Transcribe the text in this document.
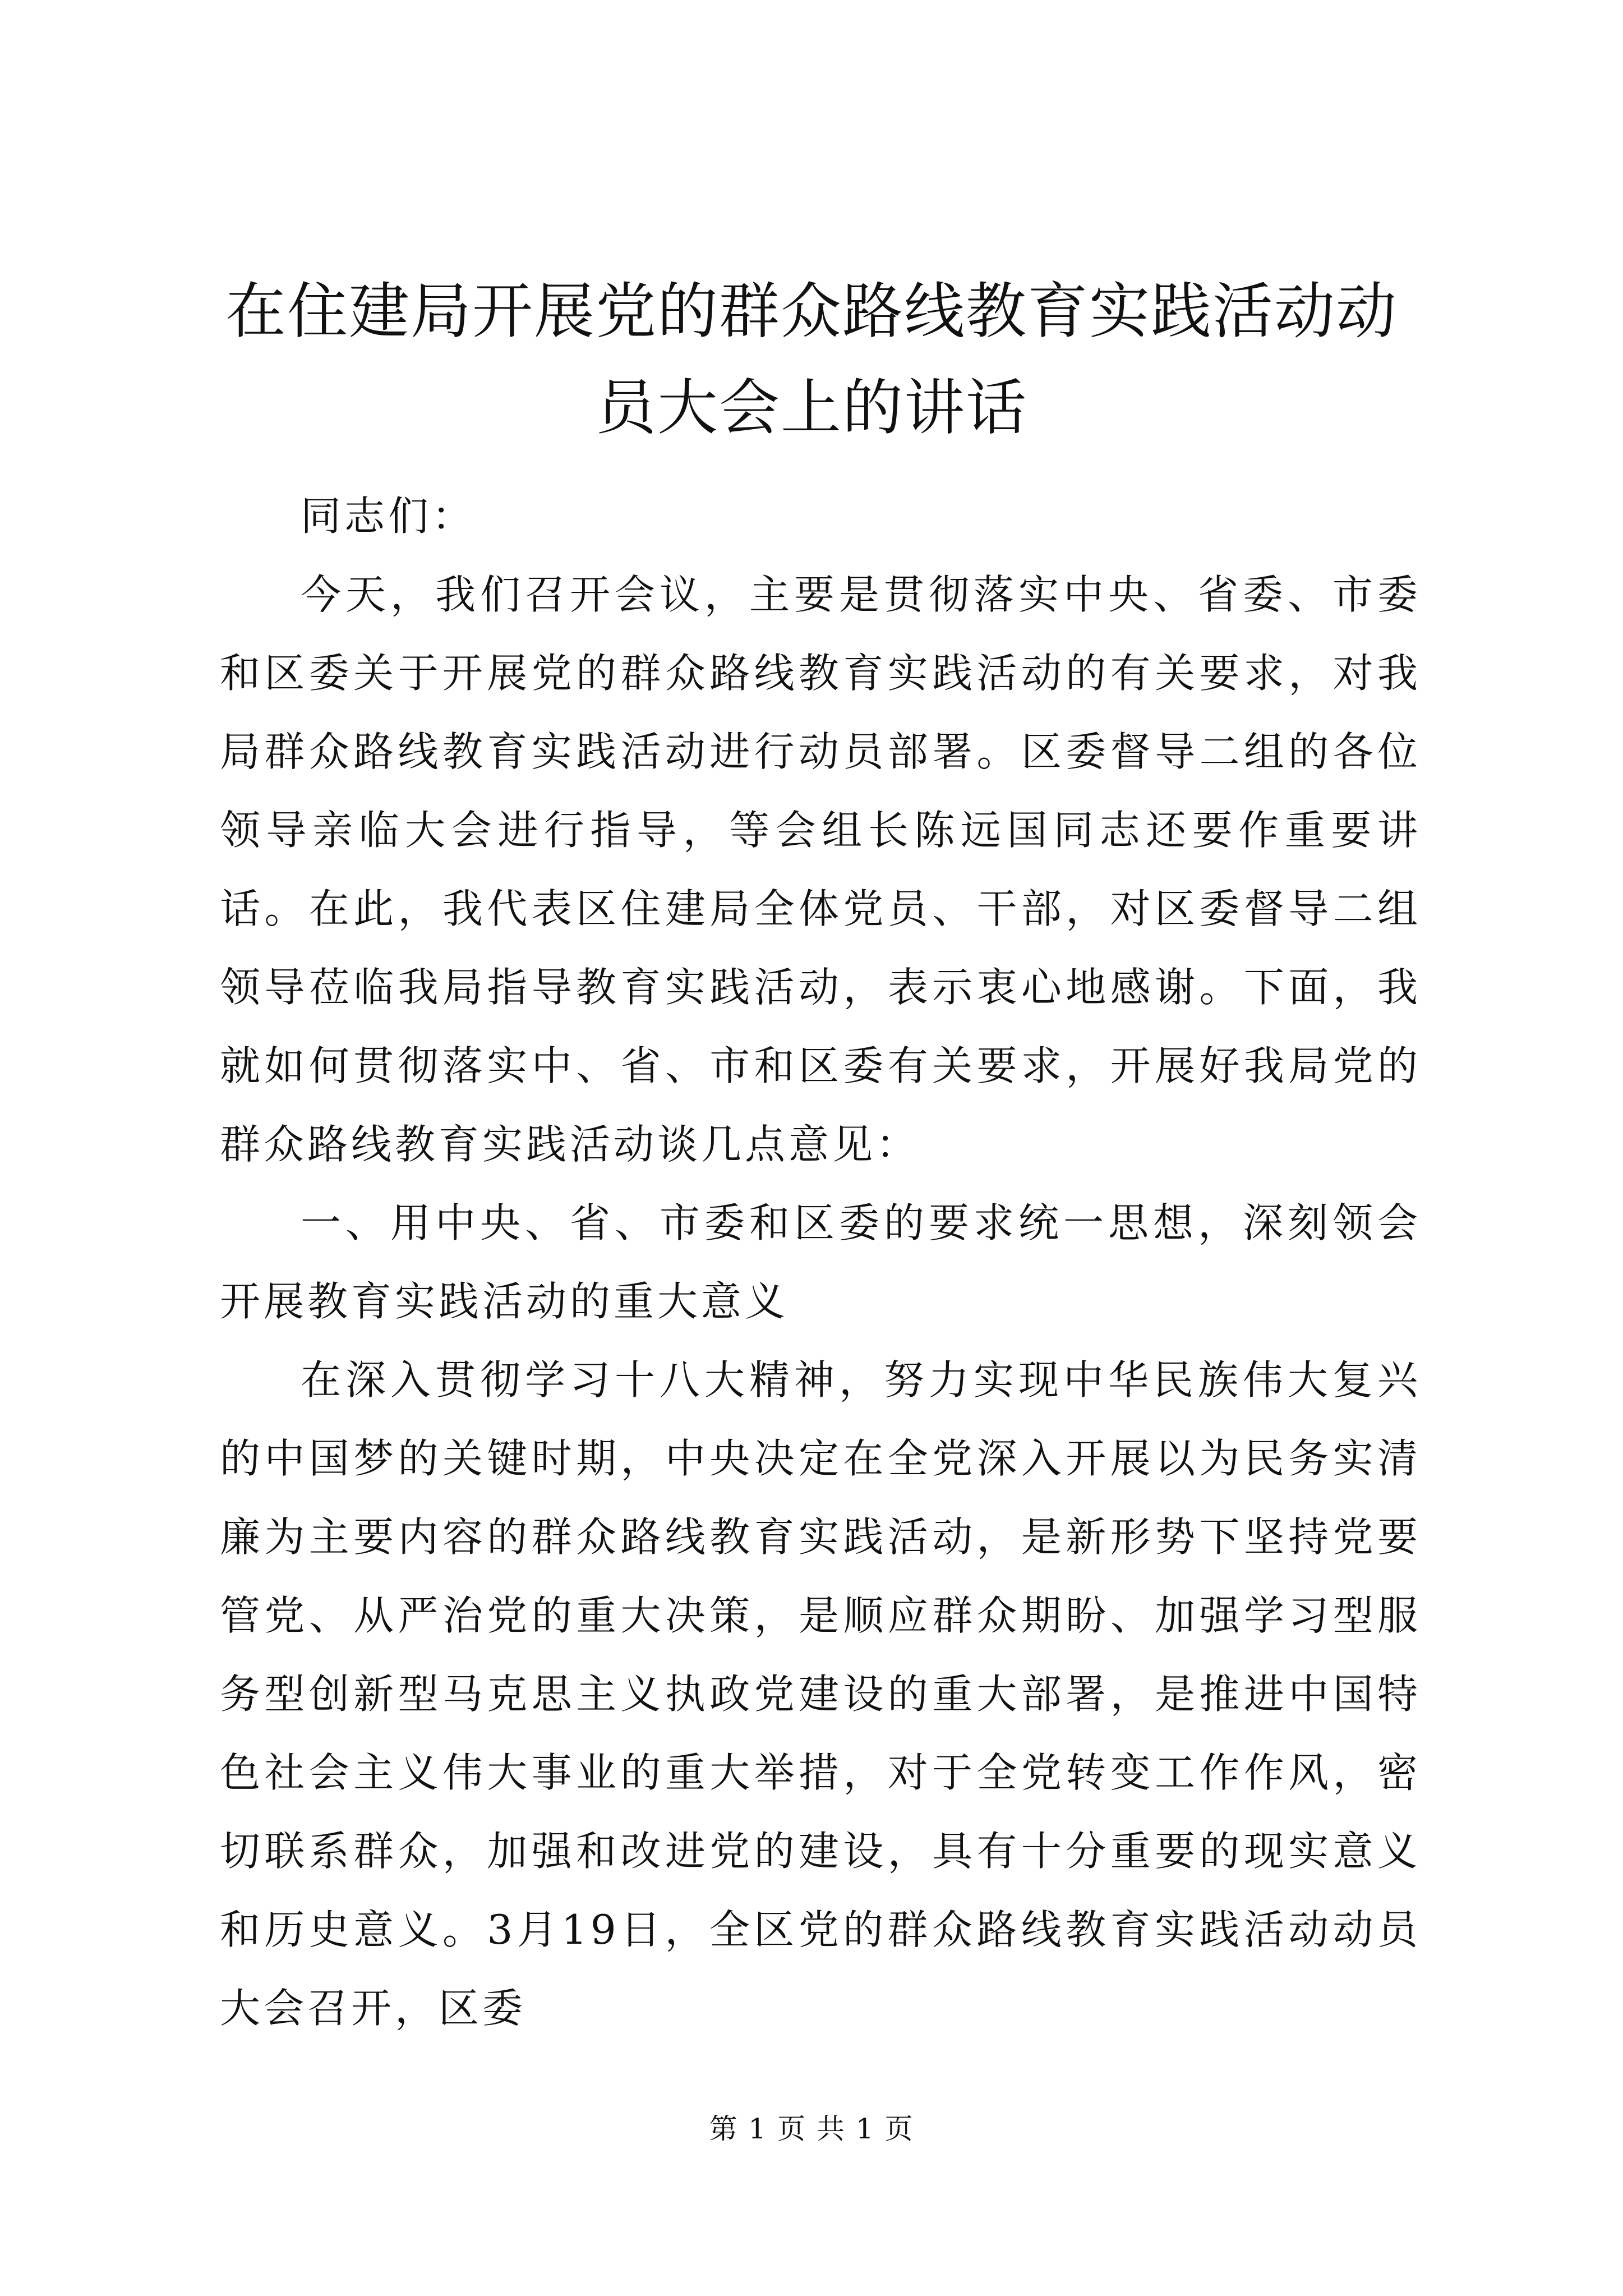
在住建局开展党的群众路线教育实践活动动员大会上的讲话

同志们：

今天，我们召开会议，主要是贯彻落实中央、省委、市委和区委关于开展党的群众路线教育实践活动的有关要求，对我局群众路线教育实践活动进行动员部署。区委督导二组的各位领导亲临大会进行指导，等会组长陈远国同志还要作重要讲话。在此，我代表区住建局全体党员、干部，对区委督导二组领导莅临我局指导教育实践活动，表示衷心地感谢。下面，我就如何贯彻落实中、省、市和区委有关要求，开展好我局党的群众路线教育实践活动谈几点意见：

一、用中央、省、市委和区委的要求统一思想，深刻领会开展教育实践活动的重大意义

在深入贯彻学习十八大精神，努力实现中华民族伟大复兴的中国梦的关键时期，中央决定在全党深入开展以为民务实清廉为主要内容的群众路线教育实践活动，是新形势下坚持党要管党、从严治党的重大决策，是顺应群众期盼、加强学习型服务型创新型马克思主义执政党建设的重大部署，是推进中国特色社会主义伟大事业的重大举措，对于全党转变工作作风，密切联系群众，加强和改进党的建设，具有十分重要的现实意义和历史意义。3月19日，全区党的群众路线教育实践活动动员大会召开，区委

第 1 页 共 1 页
